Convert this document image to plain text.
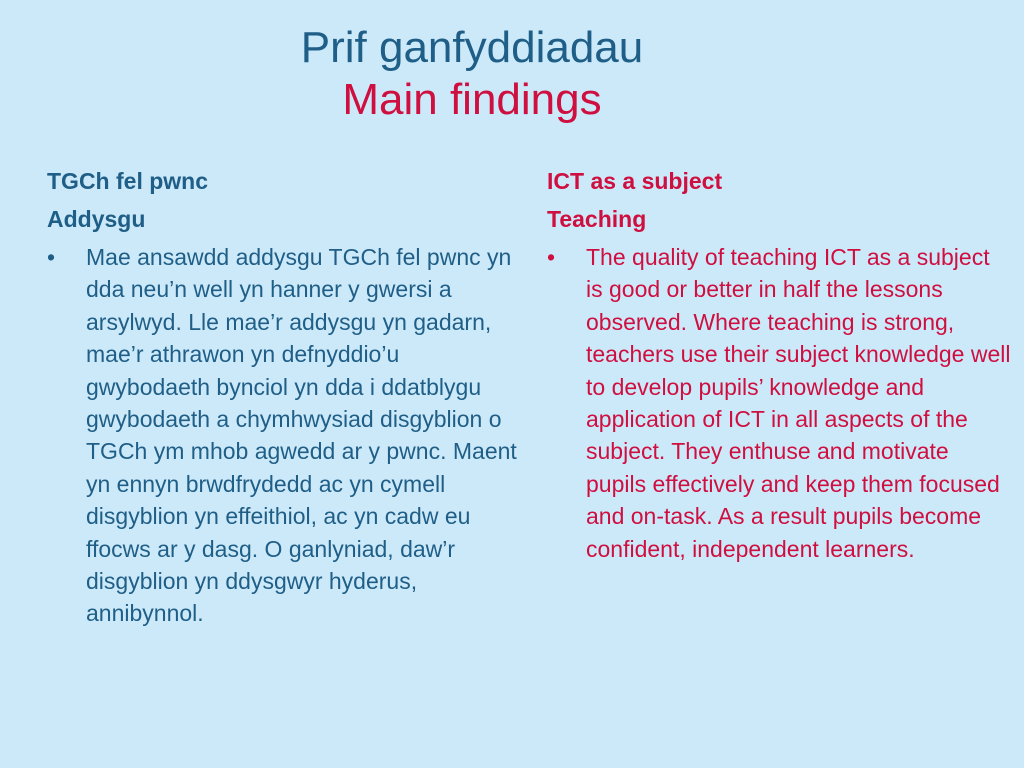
Prif ganfyddiadau
Main findings
TGCh fel pwnc
Addysgu
• Mae ansawdd addysgu TGCh fel pwnc yn dda neu’n well yn hanner y gwersi a arsylwyd. Lle mae’r addysgu yn gadarn, mae’r athrawon yn defnyddio’u gwybodaeth bynciol yn dda i ddatblygu gwybodaeth a chymhwysiad disgyblion o TGCh ym mhob agwedd ar y pwnc. Maent yn ennyn brwdfrydedd ac yn cymell disgyblion yn effeithiol, ac yn cadw eu ffocws ar y dasg. O ganlyniad, daw’r disgyblion yn ddysgwyr hyderus, annibynnol.
ICT as a subject
Teaching
• The quality of teaching ICT as a subject is good or better in half the lessons observed. Where teaching is strong, teachers use their subject knowledge well to develop pupils’ knowledge and application of ICT in all aspects of the subject. They enthuse and motivate pupils effectively and keep them focused and on-task. As a result pupils become confident, independent learners.
